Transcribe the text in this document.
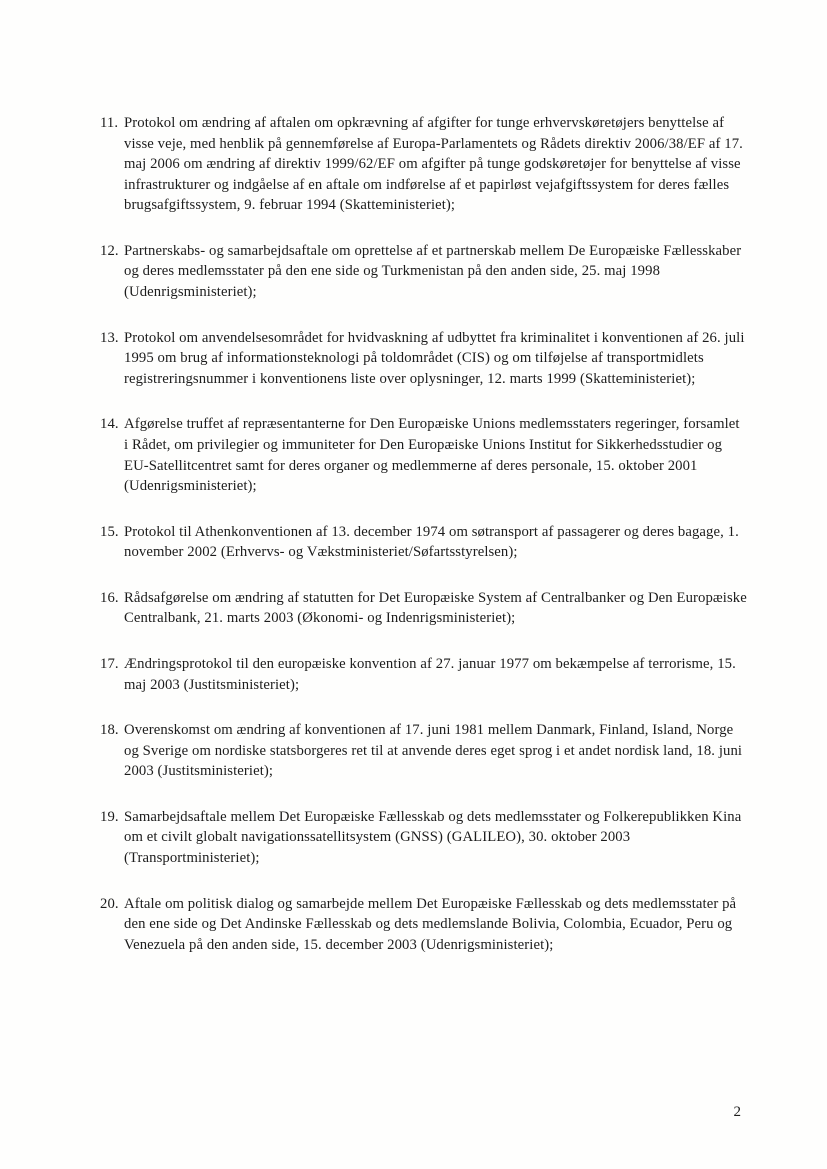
11. Protokol om ændring af aftalen om opkrævning af afgifter for tunge erhvervskøretøjers benyttelse af visse veje, med henblik på gennemførelse af Europa-Parlamentets og Rådets direktiv 2006/38/EF af 17. maj 2006 om ændring af direktiv 1999/62/EF om afgifter på tunge godskøretøjer for benyttelse af visse infrastrukturer og indgåelse af en aftale om indførelse af et papirløst vejafgiftssystem for deres fælles brugsafgiftssystem, 9. februar 1994 (Skatteministeriet);
12. Partnerskabs- og samarbejdsaftale om oprettelse af et partnerskab mellem De Europæiske Fællesskaber og deres medlemsstater på den ene side og Turkmenistan på den anden side, 25. maj 1998 (Udenrigsministeriet);
13. Protokol om anvendelsesområdet for hvidvaskning af udbyttet fra kriminalitet i konventionen af 26. juli 1995 om brug af informationsteknologi på toldområdet (CIS) og om tilføjelse af transportmidlets registreringsnummer i konventionens liste over oplysninger, 12. marts 1999 (Skatteministeriet);
14. Afgørelse truffet af repræsentanterne for Den Europæiske Unions medlemsstaters regeringer, forsamlet i Rådet, om privilegier og immuniteter for Den Europæiske Unions Institut for Sikkerhedsstudier og EU-Satellitcentret samt for deres organer og medlemmerne af deres personale, 15. oktober 2001 (Udenrigsministeriet);
15. Protokol til Athenkonventionen af 13. december 1974 om søtransport af passagerer og deres bagage, 1. november 2002 (Erhvervs- og Vækstministeriet/Søfartsstyrelsen);
16. Rådsafgørelse om ændring af statutten for Det Europæiske System af Centralbanker og Den Europæiske Centralbank, 21. marts 2003 (Økonomi- og Indenrigsministeriet);
17. Ændringsprotokol til den europæiske konvention af 27. januar 1977 om bekæmpelse af terrorisme, 15. maj 2003 (Justitsministeriet);
18. Overenskomst om ændring af konventionen af 17. juni 1981 mellem Danmark, Finland, Island, Norge og Sverige om nordiske statsborgeres ret til at anvende deres eget sprog i et andet nordisk land, 18. juni 2003 (Justitsministeriet);
19. Samarbejdsaftale mellem Det Europæiske Fællesskab og dets medlemsstater og Folkerepublikken Kina om et civilt globalt navigationssatellitsystem (GNSS) (GALILEO), 30. oktober 2003 (Transportministeriet);
20. Aftale om politisk dialog og samarbejde mellem Det Europæiske Fællesskab og dets medlemsstater på den ene side og Det Andinske Fællesskab og dets medlemslande Bolivia, Colombia, Ecuador, Peru og Venezuela på den anden side, 15. december 2003 (Udenrigsministeriet);
2
